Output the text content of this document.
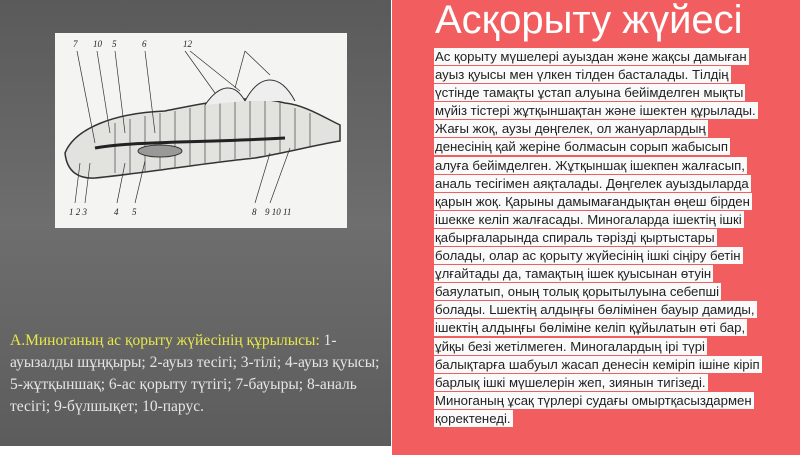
7 10 5	6	12
1 2 3	4 5	8 9 10 11
А.Миноганың ас қорыту жүйесінің құрылысы: 1-ауызалды шұңқыры; 2-ауыз тесігі; 3-тілі; 4-ауыз қуысы; 5-жұтқыншақ; 6-ас қорыту түтігі; 7-бауыры; 8-аналь тесігі; 9-бүлшықет; 10-парус.
Асқорыту жүйесі
Ас қорыту мүшелері ауыздан және жақсы дамыған
ауыз қуысы мен үлкен тілден басталады. Тілдің
үстінде тамақты ұстап алуына бейімделген мықты
мүйіз тістері жұтқыншақтан және ішектен құрылады.
Жағы жоқ, аузы дөңгелек, ол жануарлардың
денесінің қай жеріне болмасын сорып жабысып
алуға бейімделген. Жұтқыншақ ішекпен жалғасып,
аналь тесігімен аяқталады. Дөңгелек ауыздыларда
қарын жоқ. Қарыны дамымағандықтан өңеш бірден
ішекке келіп жалғасады. Миногаларда ішектің ішкі
қабырғаларында спираль тәрізді қыртыстары
болады, олар ас қорыту жүйесінің ішкі сіңіру бетін
ұлғайтады да, тамақтың ішек қуысынан өтуін
баяулатып, оның толық қорытылуына себепші
болады. Lшектің алдыңғы бөлімінен бауыр дамиды,
ішектің алдыңғы бөліміне келіп құйылатын өті бар,
ұйқы безі жетілмеген. Миногалардың ірі түрі
балықтарға шабуыл жасап денесін кеміріп ішіне кіріп
барлық ішкі мүшелерін жеп, зиянын тигізеді.
Миноганың ұсақ түрлері судағы омыртқасыздармен
қоректенеді.
